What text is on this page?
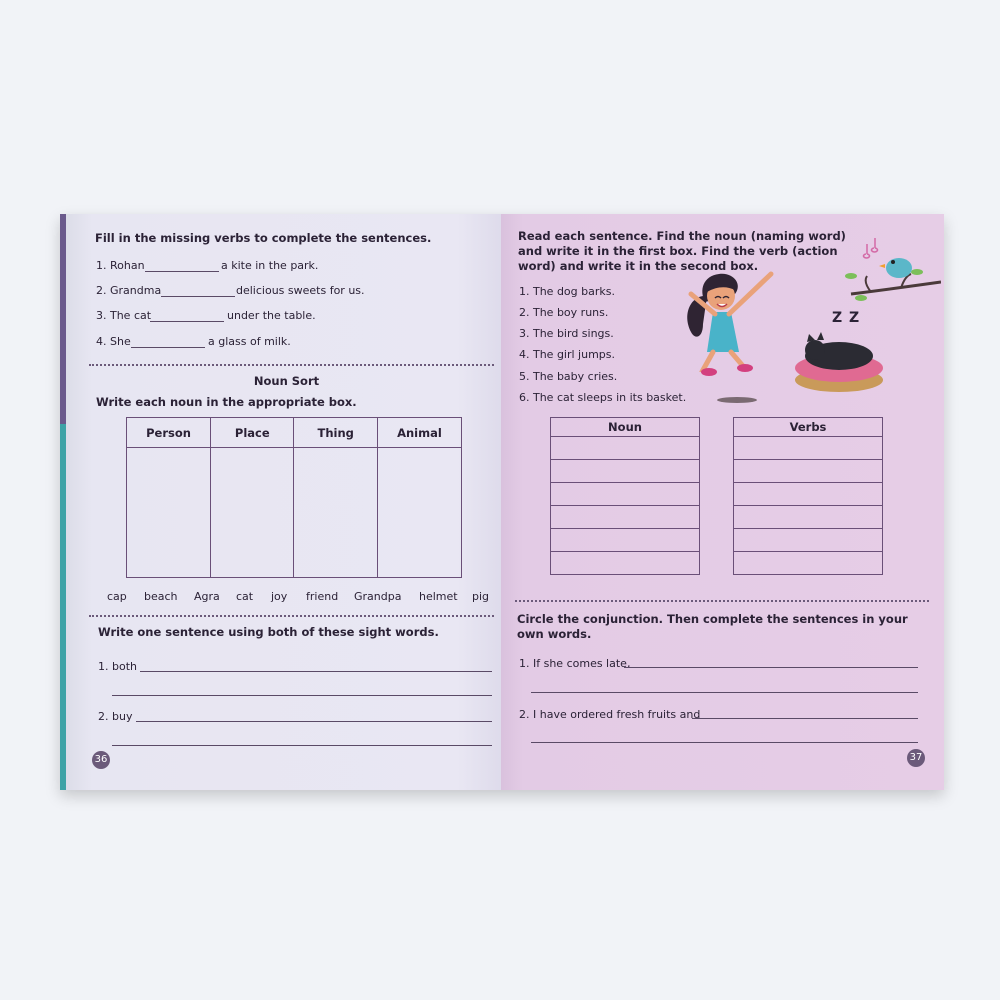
Fill in the missing verbs to complete the sentences.
1. Rohan	a kite in the park.
2. Grandma	delicious sweets for us.
3. The cat	under the table.
4. She	a glass of milk.
Noun Sort
Write each noun in the appropriate box.
Person	Place	Thing	Animal

cap beach Agra cat joy friend Grandpa helmet pig
Write one sentence using both of these sight words.
1. both
2. buy
36
Read each sentence. Find the noun (naming word) and write it in the first box. Find the verb (action word) and write it in the second box.
1. The dog barks.
2. The boy runs.
3. The bird sings.
4. The girl jumps.
5. The baby cries.
6. The cat sleeps in its basket.
Z Z
Noun	Verbs

Circle the conjunction. Then complete the sentences in your own words.
1. If she comes late,
2. I have ordered fresh fruits and
37
